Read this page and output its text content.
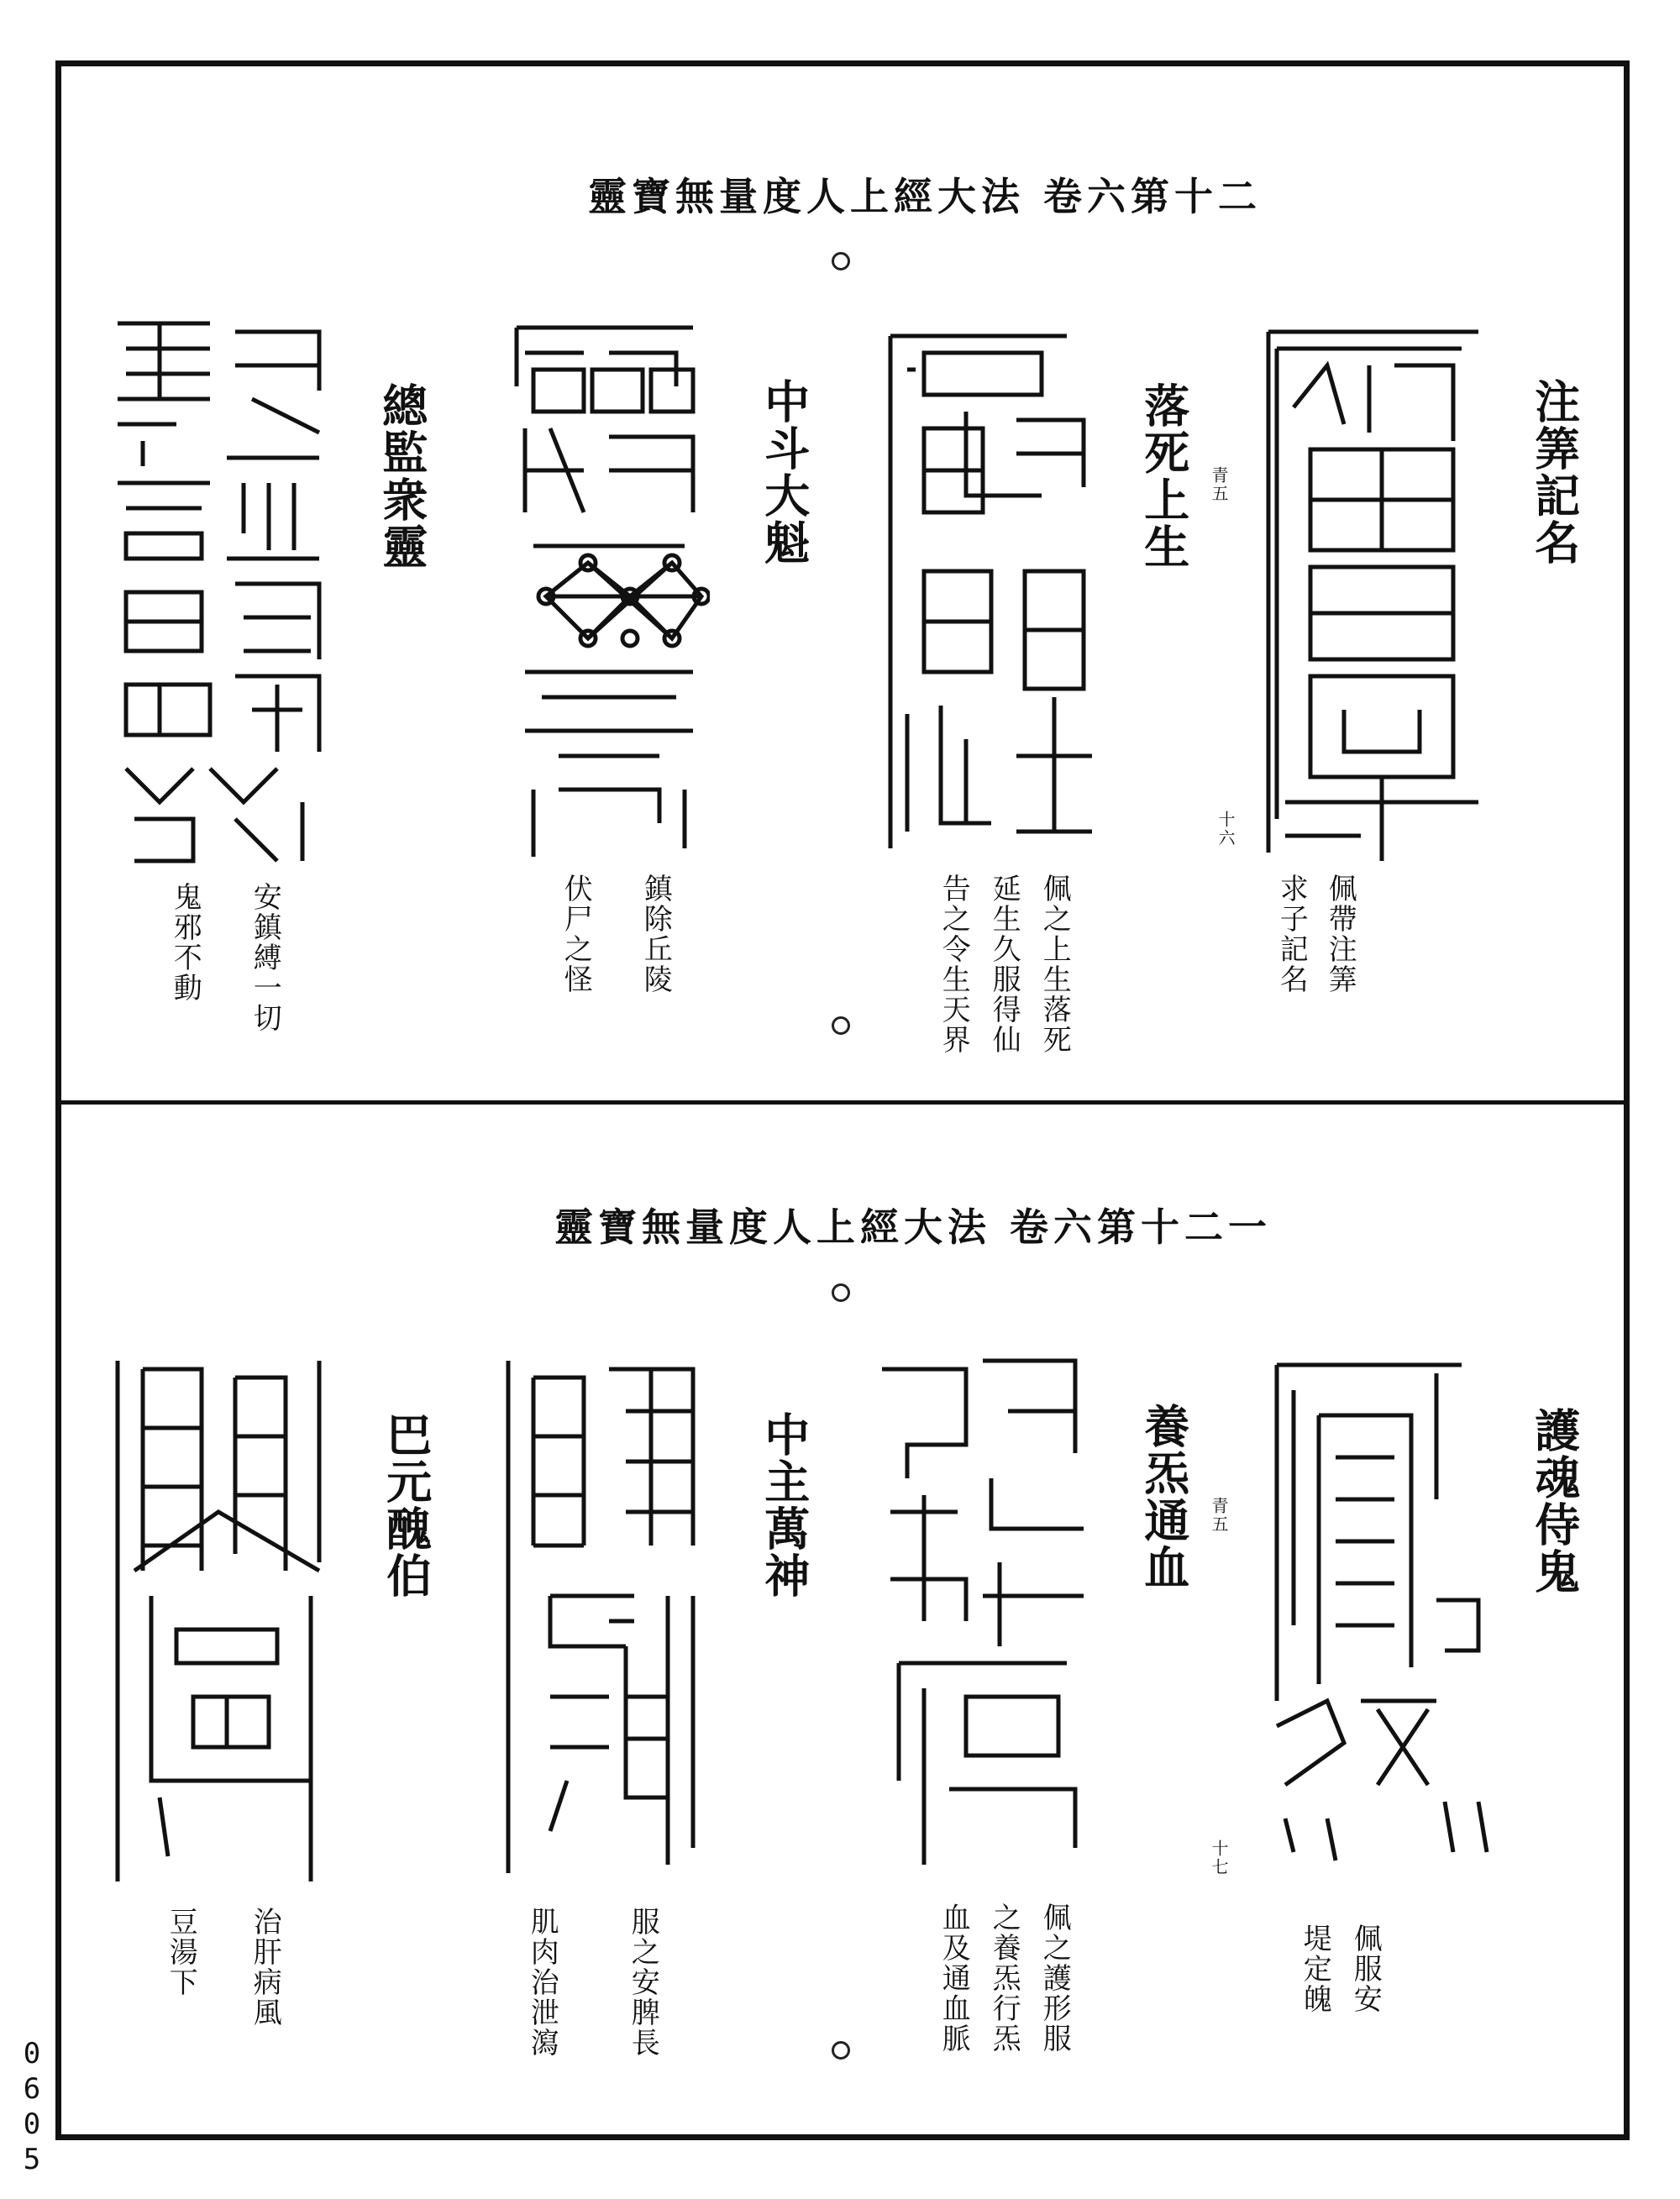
靈寶無量度人上經大法 卷六第十二
注筭記名
十六
佩帶注筭
求子記名
落死上生 青五
佩之上生落死
延生久服得仙
告之令生天界
中斗大魁
鎮除丘陵
伏尸之怪
總監衆靈
安鎮縛一切
鬼邪不動
靈寶無量度人上經大法 卷六第十二一
護魂侍鬼
十七
佩服安
堤定魄
養炁通血 青五
佩之護形服
之養炁行炁
血及通血脈
中主萬神
服之安脾長
肌肉治泄瀉
巴元醜伯
治肝病風
豆湯下
0605
